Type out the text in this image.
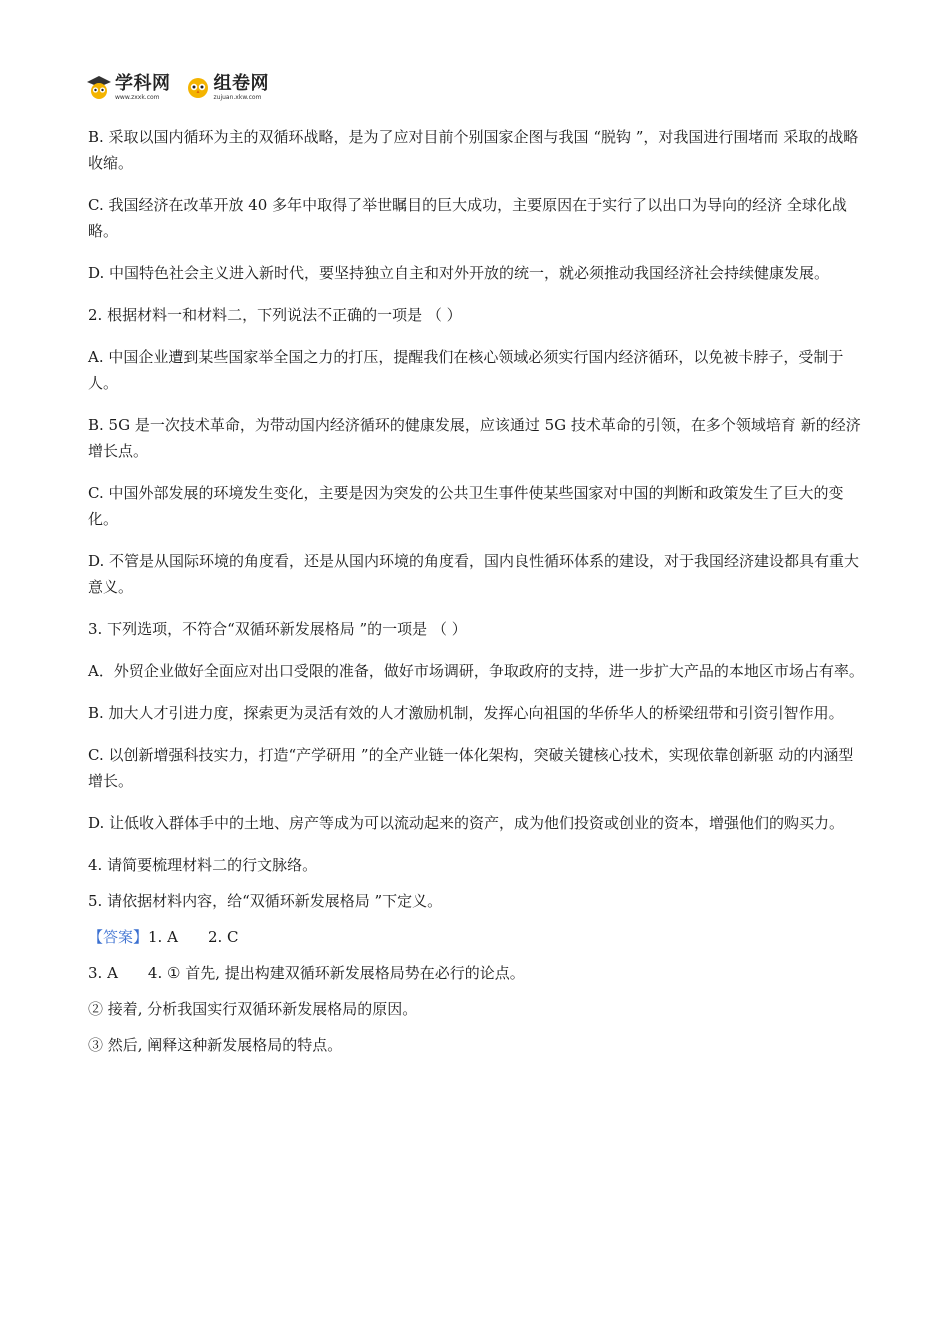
学科网
www.zxxk.com
组卷网
zujuan.xkw.com

B. 采取以国内循环为主的双循环战略，是为了应对目前个别国家企图与我国 “脱钩 ”，对我国进行围堵而 采取的战略收缩。

C. 我国经济在改革开放 40 多年中取得了举世瞩目的巨大成功，主要原因在于实行了以出口为导向的经济 全球化战略。

D. 中国特色社会主义进入新时代，要坚持独立自主和对外开放的统一，就必须推动我国经济社会持续健康发展。

2. 根据材料一和材料二，下列说法不正确的一项是 （ ）

A. 中国企业遭到某些国家举全国之力的打压，提醒我们在核心领域必须实行国内经济循环，以免被卡脖子，受制于人。

B. 5G 是一次技术革命，为带动国内经济循环的健康发展，应该通过 5G 技术革命的引领，在多个领域培育 新的经济增长点。

C. 中国外部发展的环境发生变化，主要是因为突发的公共卫生事件使某些国家对中国的判断和政策发生了巨大的变化。

D. 不管是从国际环境的角度看，还是从国内环境的角度看，国内良性循环体系的建设，对于我国经济建设都具有重大意义。

3. 下列选项，不符合“双循环新发展格局 ”的一项是 （ ）

A．外贸企业做好全面应对出口受限的准备，做好市场调研，争取政府的支持，进一步扩大产品的本地区市场占有率。

B. 加大人才引进力度，探索更为灵活有效的人才激励机制，发挥心向祖国的华侨华人的桥梁纽带和引资引智作用。

C. 以创新增强科技实力，打造“产学研用 ”的全产业链一体化架构，突破关键核心技术，实现依靠创新驱 动的内涵型增长。

D. 让低收入群体手中的土地、房产等成为可以流动起来的资产，成为他们投资或创业的资本，增强他们的购买力。

4. 请简要梳理材料二的行文脉络。

5. 请依据材料内容，给“双循环新发展格局 ”下定义。

【答案】1. A 2. C

3. A 4. ① 首先, 提出构建双循环新发展格局势在必行的论点。

② 接着, 分析我国实行双循环新发展格局的原因。

③ 然后, 阐释这种新发展格局的特点。
